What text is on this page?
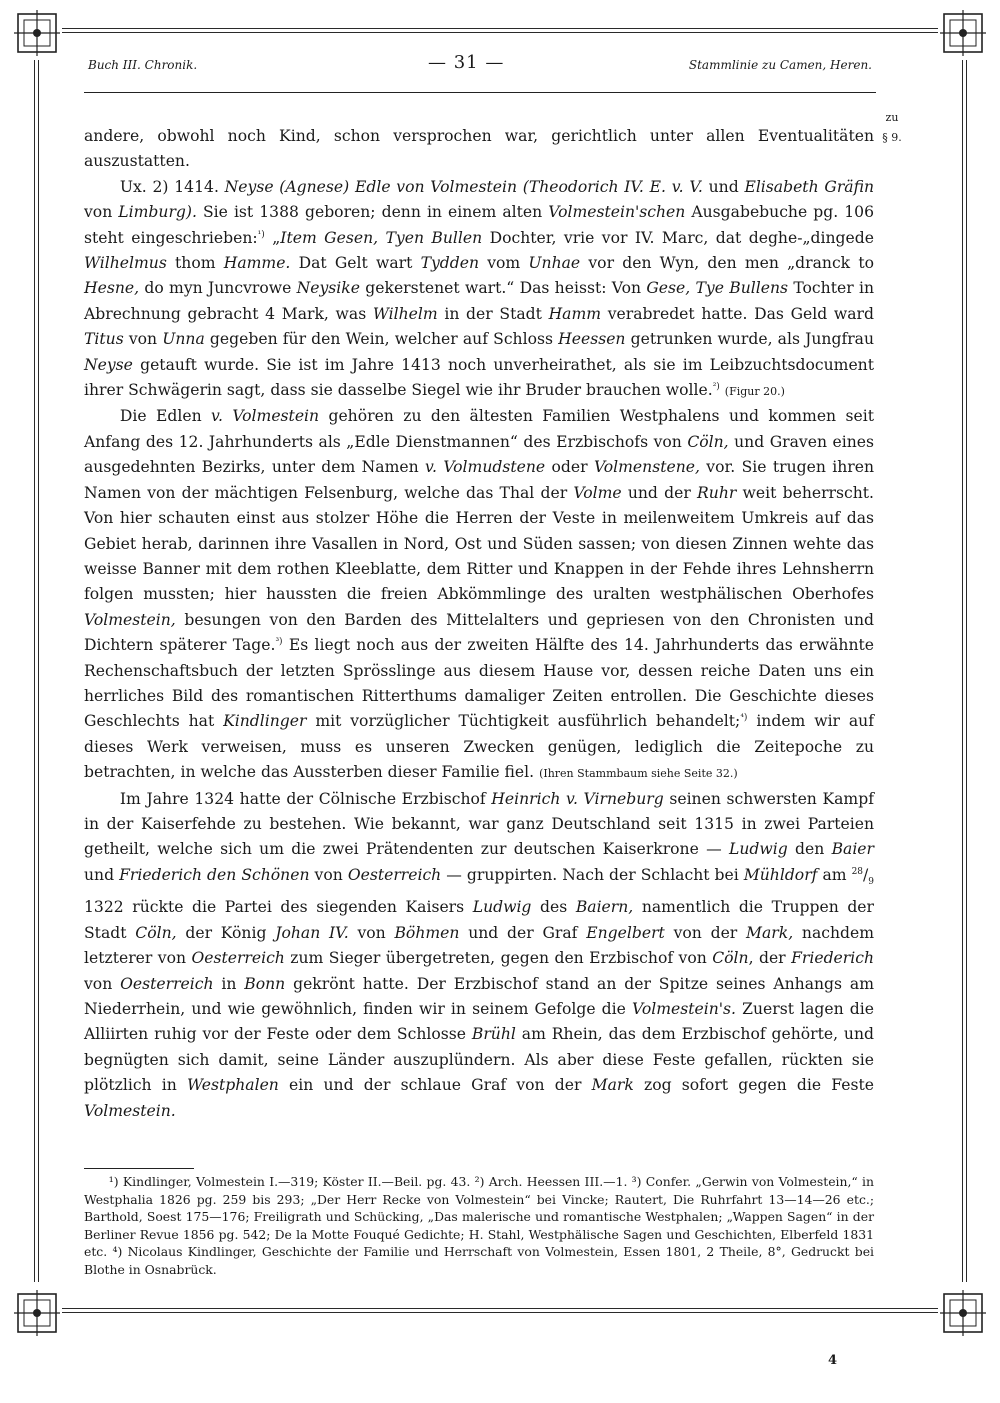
Buch III. Chronik.	— 31 —	Stammlinie zu Camen, Heren.
zu
§ 9.

andere, obwohl noch Kind, schon versprochen war, gerichtlich unter allen Eventualitäten auszustatten.

Ux. 2) 1414. Neyse (Agnese) Edle von Volmestein (Theodorich IV. E. v. V. und Elisabeth Gräfin von Limburg). Sie ist 1388 geboren; denn in einem alten Volmestein'schen Ausgabebuche pg. 106 steht eingeschrieben:$^{^1)}$ „Item Gesen, Tyen Bullen Dochter, vrie vor IV. Marc, dat deghe-„dingede Wilhelmus thom Hamme. Dat Gelt wart Tydden vom Unhae vor den Wyn, den men „dranck to Hesne, do myn Juncvrowe Neysike gekerstenet wart.“ Das heisst: Von Gese, Tye Bullens Tochter in Abrechnung gebracht 4 Mark, was Wilhelm in der Stadt Hamm verabredet hatte. Das Geld ward Titus von Unna gegeben für den Wein, welcher auf Schloss Heessen getrunken wurde, als Jungfrau Neyse getauft wurde. Sie ist im Jahre 1413 noch unverheirathet, als sie im Leibzuchtsdocument ihrer Schwägerin sagt, dass sie dasselbe Siegel wie ihr Bruder brauchen wolle.$^{^2)}$ (Figur 20.)

Die Edlen v. Volmestein gehören zu den ältesten Familien Westphalens und kommen seit Anfang des 12. Jahrhunderts als „Edle Dienstmannen“ des Erzbischofs von Cöln, und Graven eines ausgedehnten Bezirks, unter dem Namen v. Volmudstene oder Volmenstene, vor. Sie trugen ihren Namen von der mächtigen Felsenburg, welche das Thal der Volme und der Ruhr weit beherrscht. Von hier schauten einst aus stolzer Höhe die Herren der Veste in meilenweitem Umkreis auf das Gebiet herab, darinnen ihre Vasallen in Nord, Ost und Süden sassen; von diesen Zinnen wehte das weisse Banner mit dem rothen Kleeblatte, dem Ritter und Knappen in der Fehde ihres Lehnsherrn folgen mussten; hier haussten die freien Abkömmlinge des uralten westphälischen Oberhofes Volmestein, besungen von den Barden des Mittelalters und gepriesen von den Chronisten und Dichtern späterer Tage.$^{^3)}$ Es liegt noch aus der zweiten Hälfte des 14. Jahrhunderts das erwähnte Rechenschaftsbuch der letzten Sprösslinge aus diesem Hause vor, dessen reiche Daten uns ein herrliches Bild des romantischen Ritterthums damaliger Zeiten entrollen. Die Geschichte dieses Geschlechts hat Kindlinger mit vorzüglicher Tüchtigkeit ausführlich behandelt;$^{^4)}$ indem wir auf dieses Werk verweisen, muss es unseren Zwecken genügen, lediglich die Zeitepoche zu betrachten, in welche das Aussterben dieser Familie fiel. (Ihren Stammbaum siehe Seite 32.)

Im Jahre 1324 hatte der Cölnische Erzbischof Heinrich v. Virneburg seinen schwersten Kampf in der Kaiserfehde zu bestehen. Wie bekannt, war ganz Deutschland seit 1315 in zwei Parteien getheilt, welche sich um die zwei Prätendenten zur deutschen Kaiserkrone — Ludwig den Baier und Friederich den Schönen von Oesterreich — gruppirten. Nach der Schlacht bei Mühldorf am $^{28}/_9$ 1322 rückte die Partei des siegenden Kaisers Ludwig des Baiern, namentlich die Truppen der Stadt Cöln, der König Johan IV. von Böhmen und der Graf Engelbert von der Mark, nachdem letzterer von Oesterreich zum Sieger übergetreten, gegen den Erzbischof von Cöln, der Friederich von Oesterreich in Bonn gekrönt hatte. Der Erzbischof stand an der Spitze seines Anhangs am Niederrhein, und wie gewöhnlich, finden wir in seinem Gefolge die Volmestein's. Zuerst lagen die Alliirten ruhig vor der Feste oder dem Schlosse Brühl am Rhein, das dem Erzbischof gehörte, und begnügten sich damit, seine Länder auszuplündern. Als aber diese Feste gefallen, rückten sie plötzlich in Westphalen ein und der schlaue Graf von der Mark zog sofort gegen die Feste Volmestein.

¹) Kindlinger, Volmestein I.—319; Köster II.—Beil. pg. 43. ²) Arch. Heessen III.—1. ³) Confer. „Gerwin von Volmestein,“ in Westphalia 1826 pg. 259 bis 293; „Der Herr Recke von Volmestein“ bei Vincke; Rautert, Die Ruhrfahrt 13—14—26 etc.; Barthold, Soest 175—176; Freiligrath und Schücking, „Das malerische und romantische Westphalen; „Wappen Sagen“ in der Berliner Revue 1856 pg. 542; De la Motte Fouqué Gedichte; H. Stahl, Westphälische Sagen und Geschichten, Elberfeld 1831 etc. ⁴) Nicolaus Kindlinger, Geschichte der Familie und Herrschaft von Volmestein, Essen 1801, 2 Theile, 8°, Gedruckt bei Blothe in Osnabrück.
4
